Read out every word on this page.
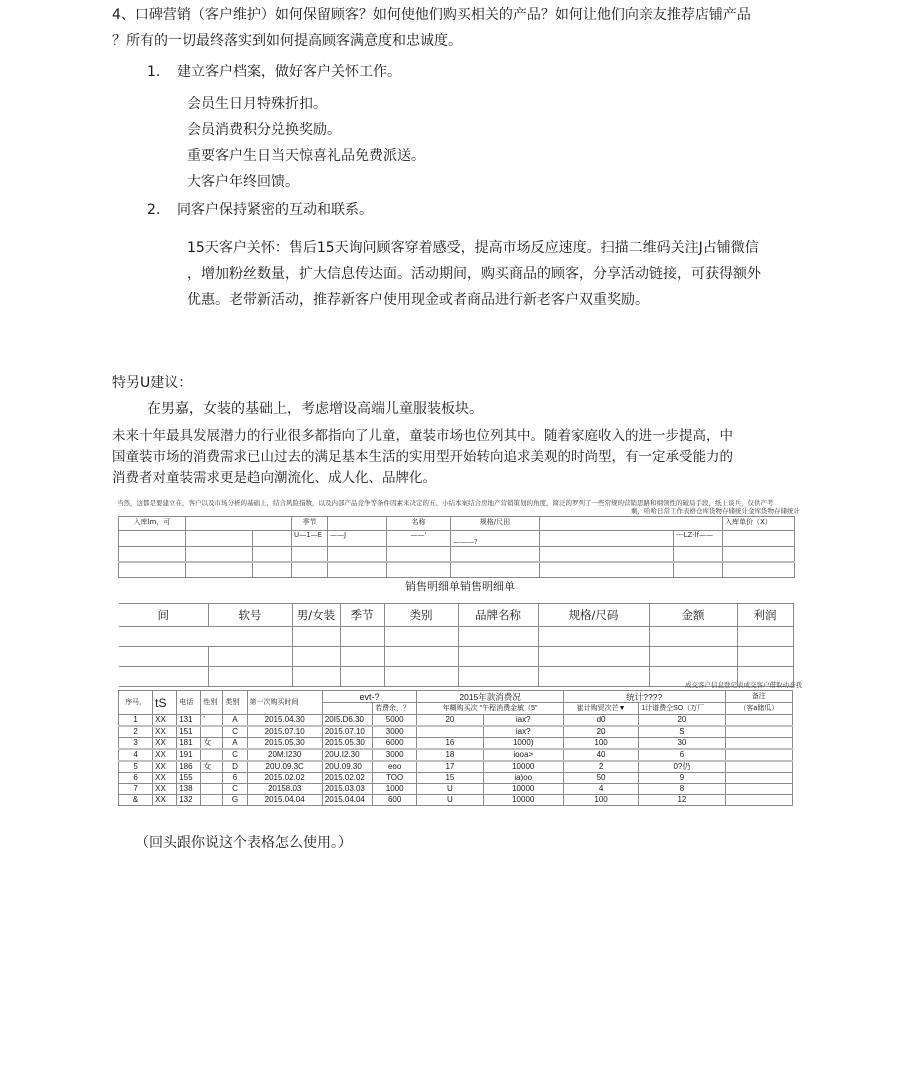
4、口碑营销（客户维护）如何保留顾客？如何使他们购买相关的产品？如何让他们向亲友推荐店铺产品
？所有的一切最终落实到如何提高顾客满意度和忠诚度。
1. 建立客户档案，做好客户关怀工作。
会员生日月特殊折扣。
会员消费积分兑换奖励。
重要客户生日当天惊喜礼品免费派送。
大客户年终回馈。
2. 同客户保持紧密的互动和联系。
15天客户关怀：售后15天询问顾客穿着感受，提高市场反应速度。扫描二维码关注J占铺微信
，增加粉丝数量，扩大信息传达面。活动期间，购买商品的顾客，分享活动链接，可获得额外
优惠。老带新活动，推荐新客户使用现金或者商品进行新老客户双重奖励。
特另U建议：
在男嘉，女装的基础上，考虑增设高端儿童服装板块。
未来十年最具发展潜力的行业很多都指向了儿童，童装市场也位列其中。随着家庭收入的进一步提高，中
国童装市场的消费需求已山过去的满足基本生活的实用型开始转向追求美观的时尚型，有一定承受能力的
消费者对童装需求更是趋向潮流化、成人化、品牌化。
当然，这都是要建立在，客户以及市场分析的基础上，结合风险指数，以及内部产品竞争等条件因素来决定的五、小结本案结合房地产营销策划的角度，简泛的罗列了一些常规的营销思路和纲领性的破局手段，纸上谈兵，仅供产考
剩，哈哈日常工作表格仓库货物存储统计金库货物存储统计
入库lm，可			季节		名称	规格/尺田			入库单价（X）
			U—1—E	——J	——'	———?		---LZ-lf——	

销售明细单销售明细单
间	软号	男/女装	季节	类别	品牌名称	规格/尺码	金额	利润

成交客户信息登记表成交客户借取动态我
序马，	tS	电话	性别	类别	第一次购买时间	evt-?		2015年款消费况		统计????		备注
							若费余，？	年糊购买次 "午程消费金敏（5"		崔计购贸次芒▼	1计谱费仝SO（万厂	（客a储瓜）
1	XX	131	'	A	2015.04.30	20I5.D6.30	5000	20	iax?	d0	20	
2	XX	151		C	2015.07.10	2015.07.10	3000		iax?	20	S	
3	XX	181	女	A	2015.05.30	2015.05.30	6000	16	1000)	100	30	
4	XX	191		C	20M.I230	20U.I2.30	3000	18	iooa>	40	6	
5	XX	186	女	D	20U.09.3C	20U.09.30	eoo	17	10000	2	0?仍	
6	XX	155		6	2015.02.02	2015.02.02	TOO	15	ia)oo	50	9	
7	XX	138		C	20158.03	2015.03.03	1000	U	10000	4	8	
&	XX	132		G	2015.04.04	2015.04.04	600	U	10000	100	12	
（回头跟你说这个表格怎么使用。）
